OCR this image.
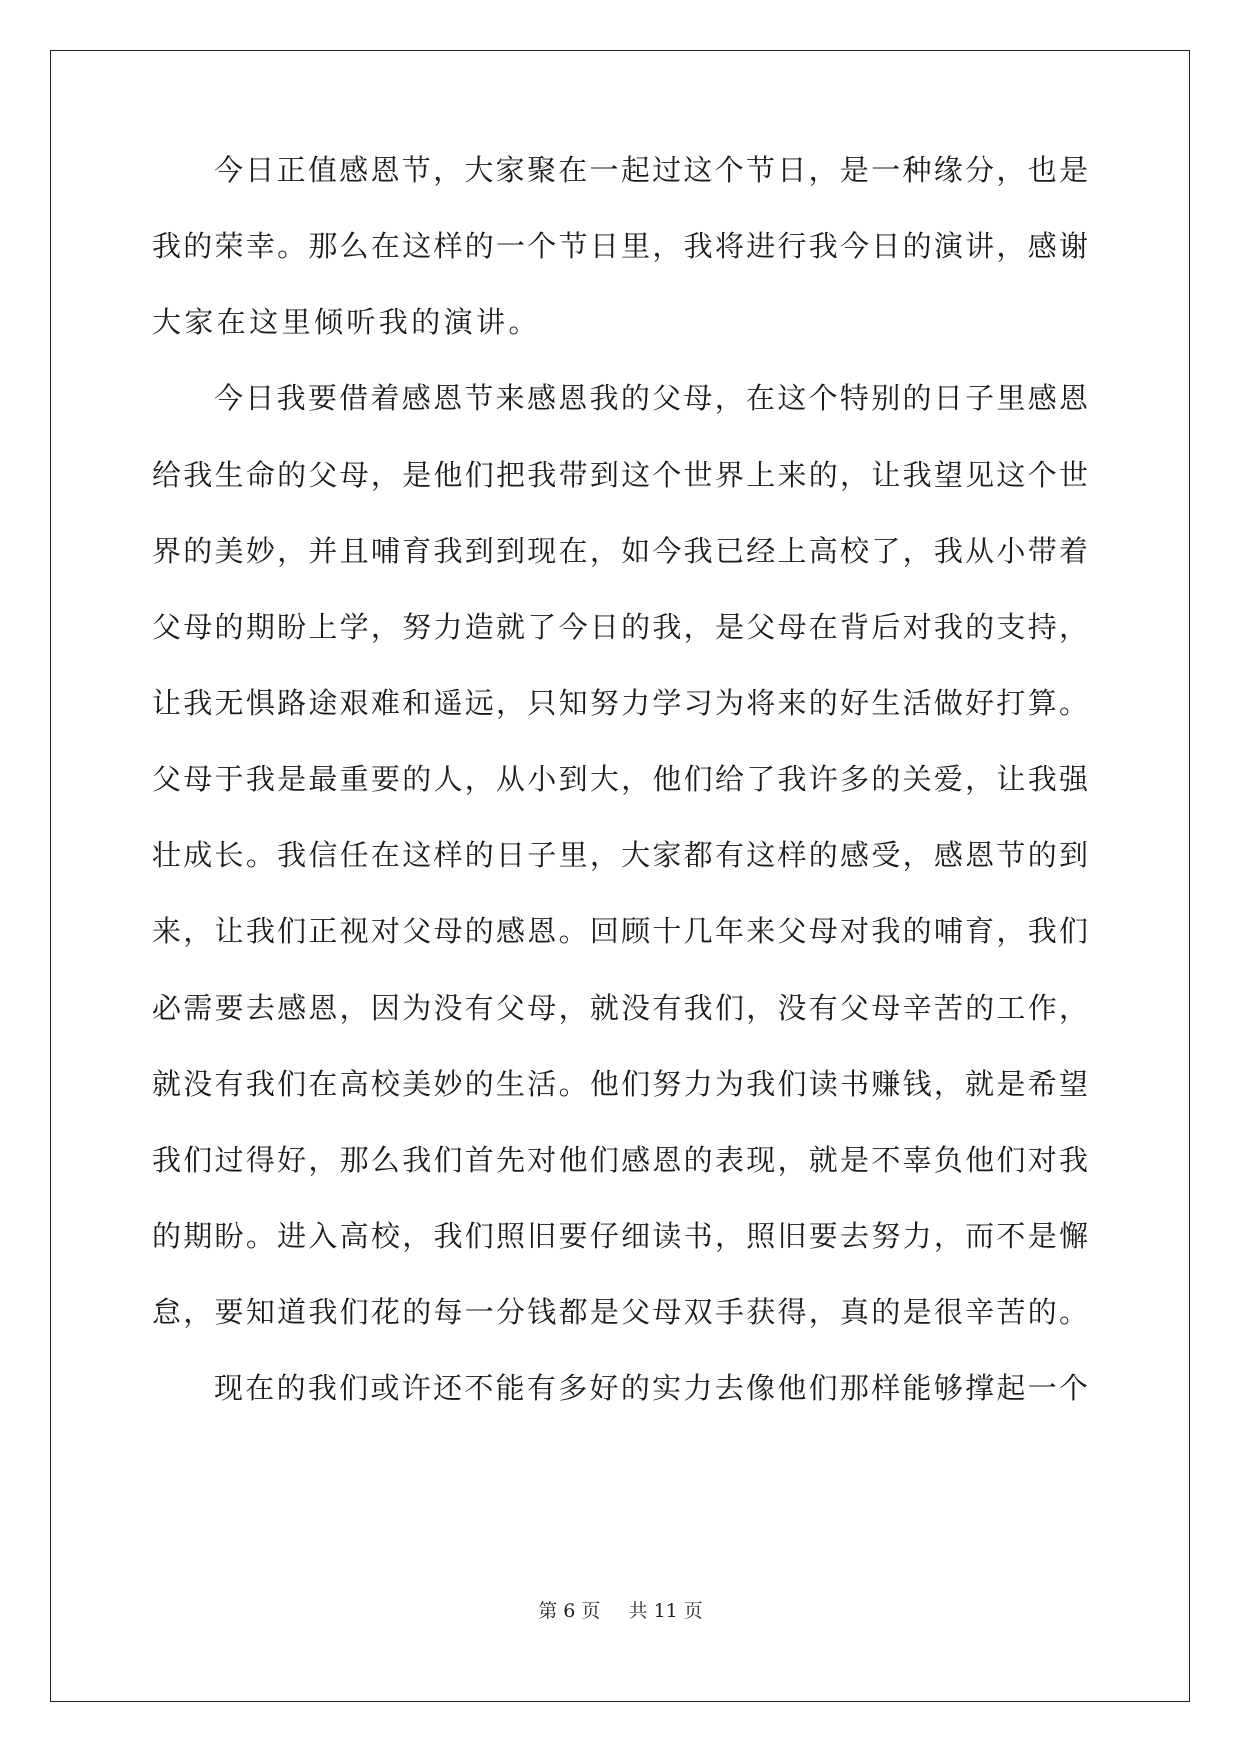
今日正值感恩节，大家聚在一起过这个节日，是一种缘分，也是
我的荣幸。那么在这样的一个节日里，我将进行我今日的演讲，感谢
大家在这里倾听我的演讲。
今日我要借着感恩节来感恩我的父母，在这个特别的日子里感恩
给我生命的父母，是他们把我带到这个世界上来的，让我望见这个世
界的美妙，并且哺育我到到现在，如今我已经上高校了，我从小带着
父母的期盼上学，努力造就了今日的我，是父母在背后对我的支持，
让我无惧路途艰难和遥远，只知努力学习为将来的好生活做好打算。
父母于我是最重要的人，从小到大，他们给了我许多的关爱，让我强
壮成长。我信任在这样的日子里，大家都有这样的感受，感恩节的到
来，让我们正视对父母的感恩。回顾十几年来父母对我的哺育，我们
必需要去感恩，因为没有父母，就没有我们，没有父母辛苦的工作，
就没有我们在高校美妙的生活。他们努力为我们读书赚钱，就是希望
我们过得好，那么我们首先对他们感恩的表现，就是不辜负他们对我
的期盼。进入高校，我们照旧要仔细读书，照旧要去努力，而不是懈
怠，要知道我们花的每一分钱都是父母双手获得，真的是很辛苦的。
现在的我们或许还不能有多好的实力去像他们那样能够撑起一个
第 6 页 共 11 页
